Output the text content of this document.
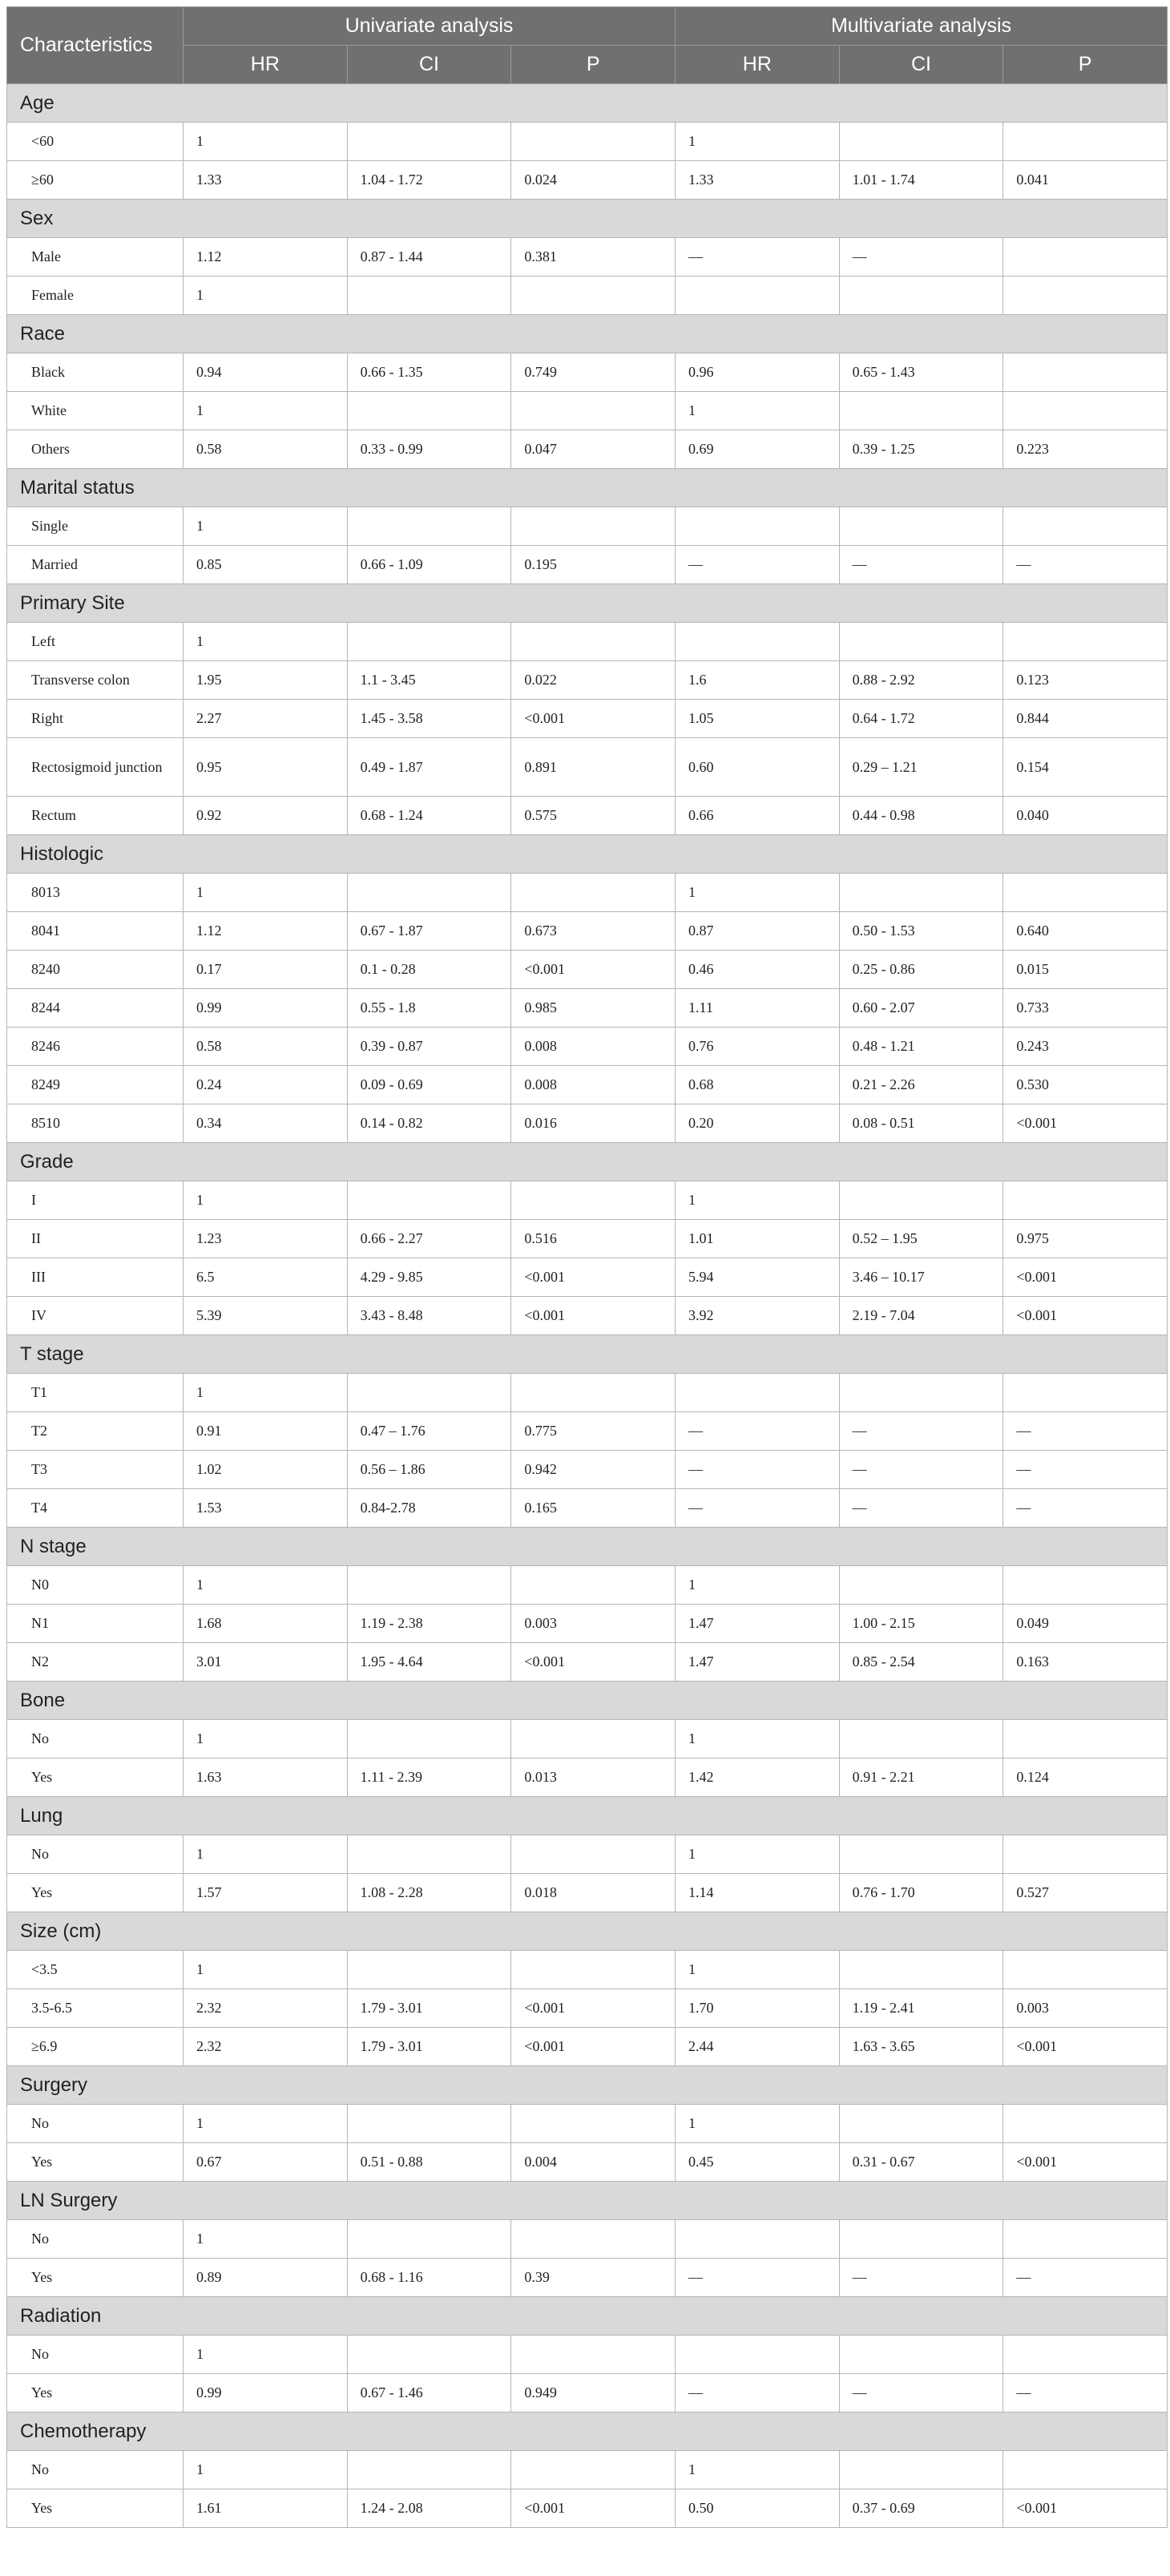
Characteristics	Univariate analysis			Multivariate analysis		
	HR	CI	P	HR	CI	P
Age						
<60	1			1		
≥60	1.33	1.04 - 1.72	0.024	1.33	1.01 - 1.74	0.041
Sex						
Male	1.12	0.87 - 1.44	0.381	—	—	
Female	1					
Race						
Black	0.94	0.66 - 1.35	0.749	0.96	0.65 - 1.43	
White	1			1		
Others	0.58	0.33 - 0.99	0.047	0.69	0.39 - 1.25	0.223
Marital status						
Single	1					
Married	0.85	0.66 - 1.09	0.195	—	—	—
Primary Site						
Left	1					
Transverse colon	1.95	1.1 - 3.45	0.022	1.6	0.88 - 2.92	0.123
Right	2.27	1.45 - 3.58	<0.001	1.05	0.64 - 1.72	0.844
Rectosigmoid junction	0.95	0.49 - 1.87	0.891	0.60	0.29 – 1.21	0.154
Rectum	0.92	0.68 - 1.24	0.575	0.66	0.44 - 0.98	0.040
Histologic						
8013	1			1		
8041	1.12	0.67 - 1.87	0.673	0.87	0.50 - 1.53	0.640
8240	0.17	0.1 - 0.28	<0.001	0.46	0.25 - 0.86	0.015
8244	0.99	0.55 - 1.8	0.985	1.11	0.60 - 2.07	0.733
8246	0.58	0.39 - 0.87	0.008	0.76	0.48 - 1.21	0.243
8249	0.24	0.09 - 0.69	0.008	0.68	0.21 - 2.26	0.530
8510	0.34	0.14 - 0.82	0.016	0.20	0.08 - 0.51	<0.001
Grade						
I	1			1		
II	1.23	0.66 - 2.27	0.516	1.01	0.52 – 1.95	0.975
III	6.5	4.29 - 9.85	<0.001	5.94	3.46 – 10.17	<0.001
IV	5.39	3.43 - 8.48	<0.001	3.92	2.19 - 7.04	<0.001
T stage						
T1	1					
T2	0.91	0.47 – 1.76	0.775	—	—	—
T3	1.02	0.56 – 1.86	0.942	—	—	—
T4	1.53	0.84-2.78	0.165	—	—	—
N stage						
N0	1			1		
N1	1.68	1.19 - 2.38	0.003	1.47	1.00 - 2.15	0.049
N2	3.01	1.95 - 4.64	<0.001	1.47	0.85 - 2.54	0.163
Bone						
No	1			1		
Yes	1.63	1.11 - 2.39	0.013	1.42	0.91 - 2.21	0.124
Lung						
No	1			1		
Yes	1.57	1.08 - 2.28	0.018	1.14	0.76 - 1.70	0.527
Size (cm)						
<3.5	1			1		
3.5-6.5	2.32	1.79 - 3.01	<0.001	1.70	1.19 - 2.41	0.003
≥6.9	2.32	1.79 - 3.01	<0.001	2.44	1.63 - 3.65	<0.001
Surgery						
No	1			1		
Yes	0.67	0.51 - 0.88	0.004	0.45	0.31 - 0.67	<0.001
LN Surgery						
No	1					
Yes	0.89	0.68 - 1.16	0.39	—	—	—
Radiation						
No	1					
Yes	0.99	0.67 - 1.46	0.949	—	—	—
Chemotherapy						
No	1			1		
Yes	1.61	1.24 - 2.08	<0.001	0.50	0.37 - 0.69	<0.001
